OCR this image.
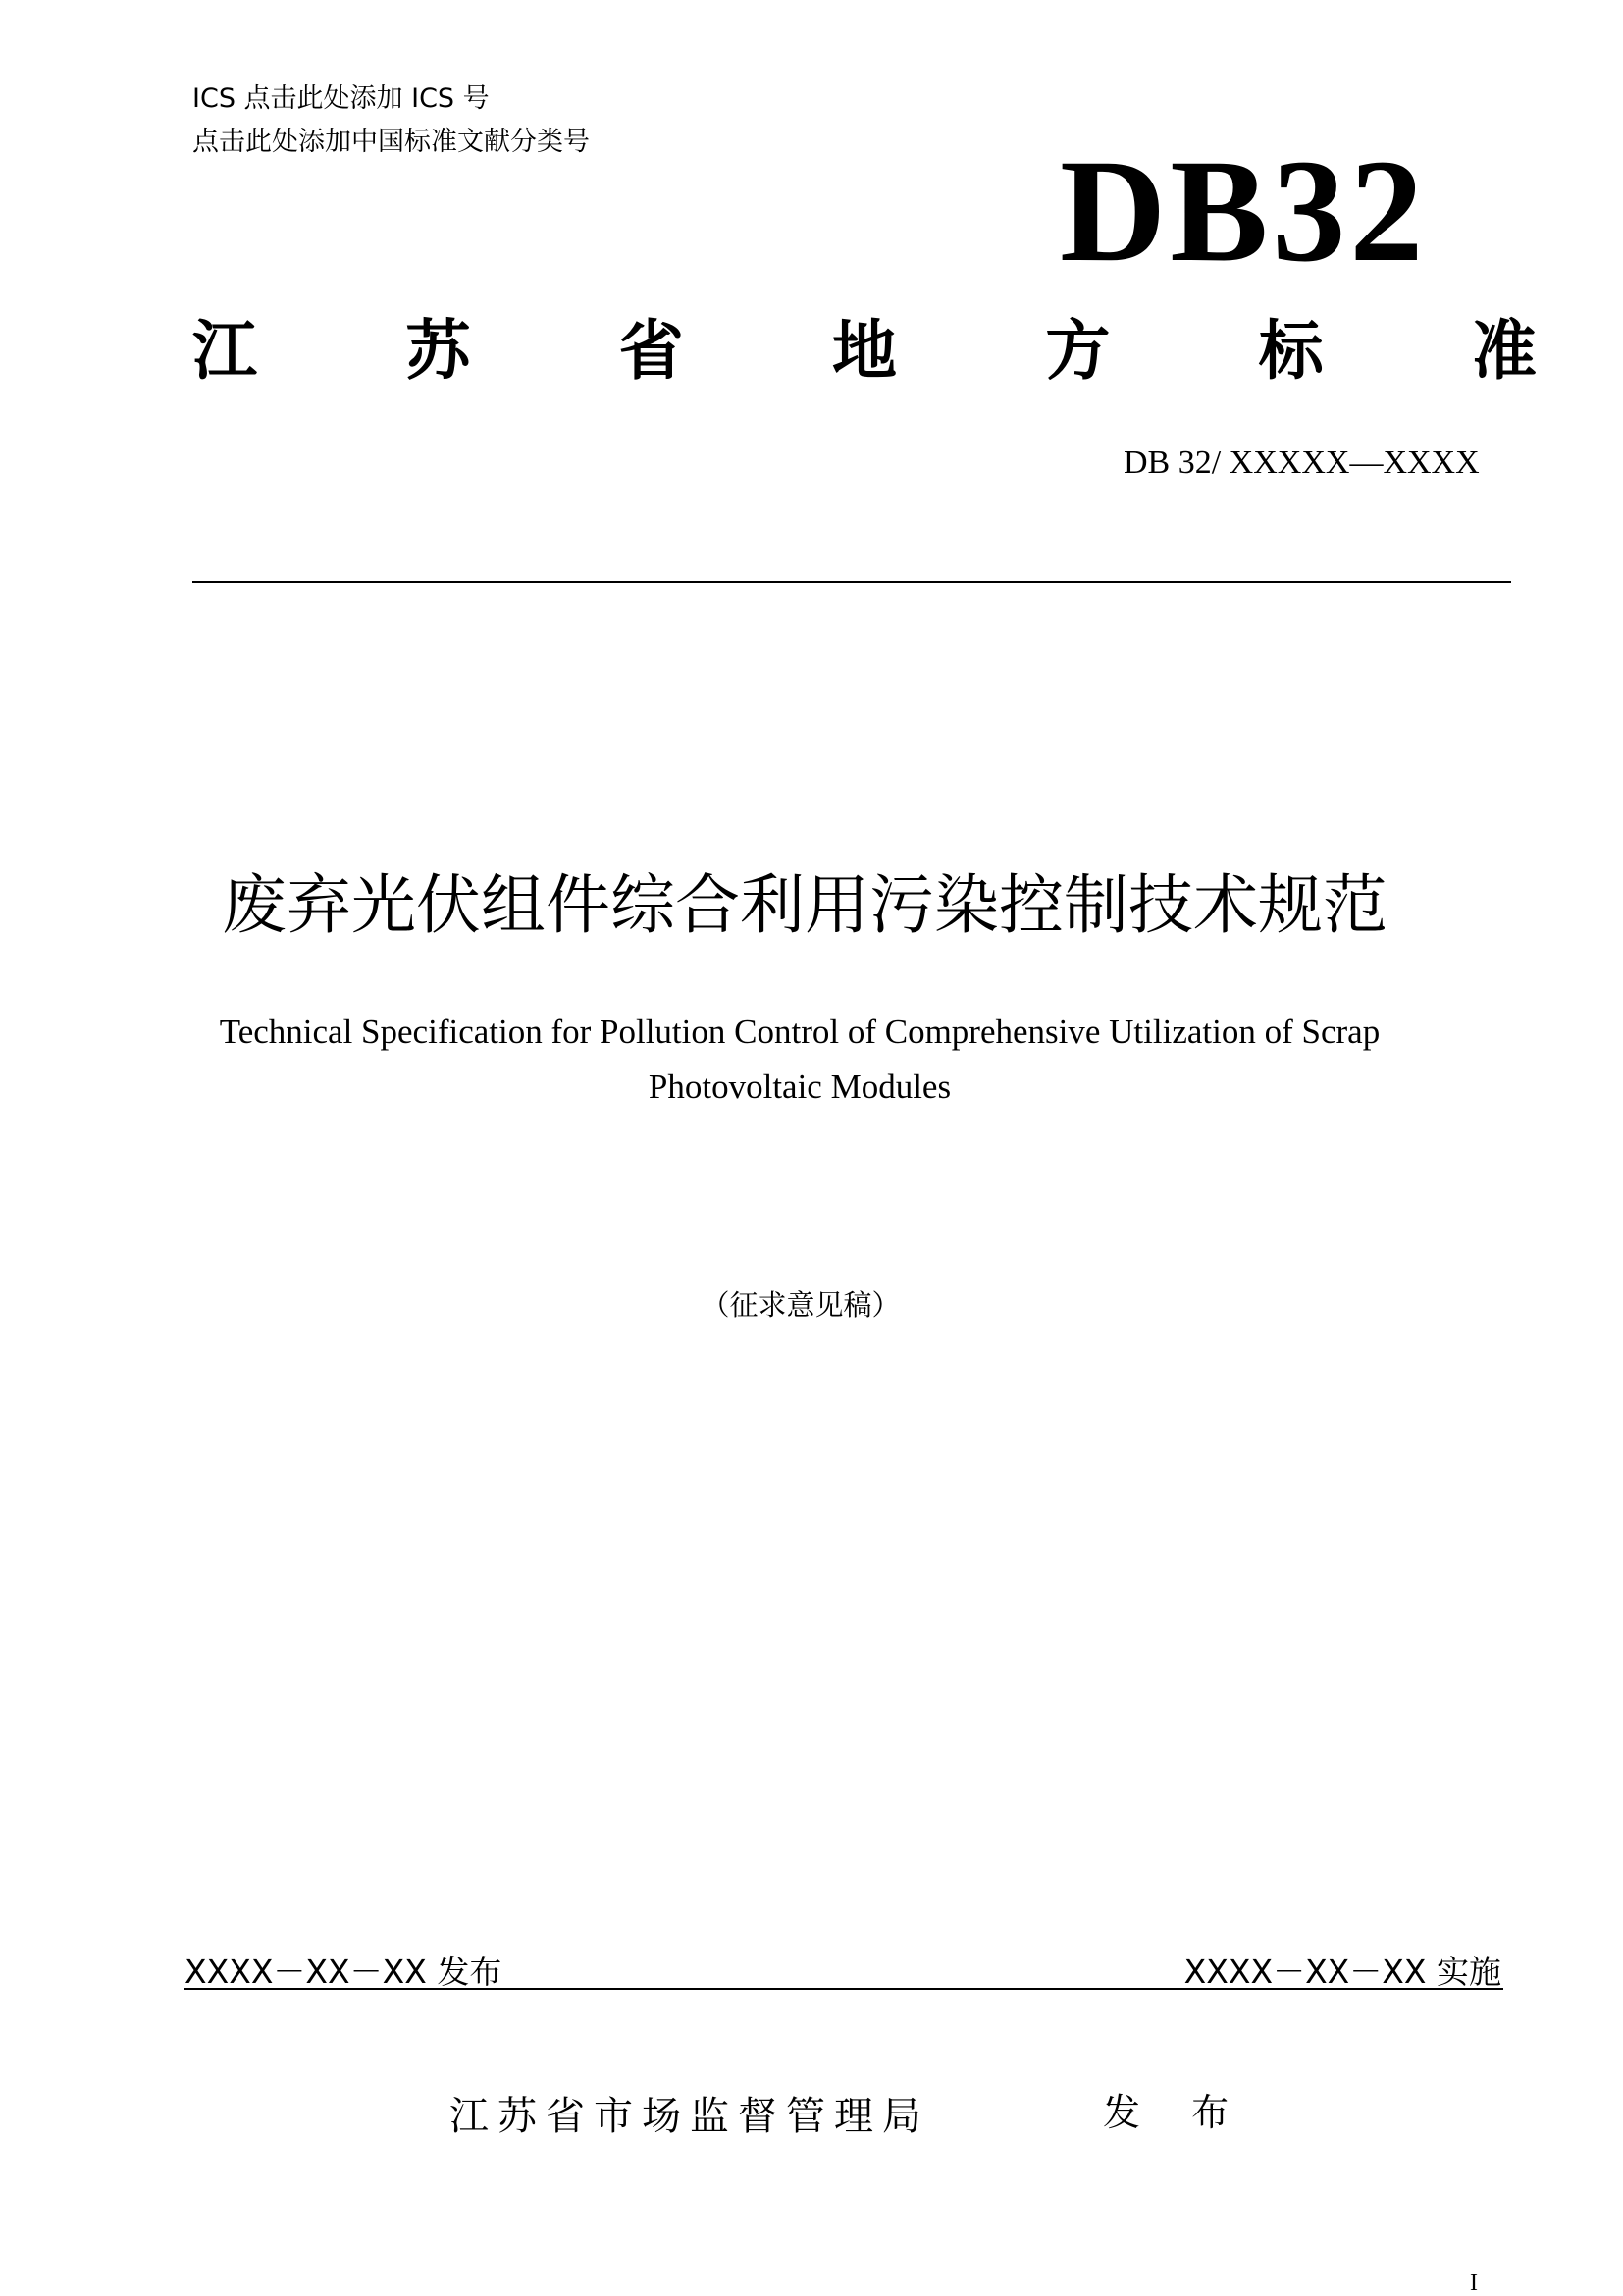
ICS 点击此处添加 ICS 号
点击此处添加中国标准文献分类号	DB32
江 苏 省 地 方 标 准
DB 32/ XXXXX—XXXX
废弃光伏组件综合利用污染控制技术规范
Technical Specification for Pollution Control of Comprehensive Utilization of Scrap Photovoltaic Modules
（征求意见稿）
XXXX－XX－XX 发布	XXXX－XX－XX 实施
江苏省市场监督管理局	发 布
I
